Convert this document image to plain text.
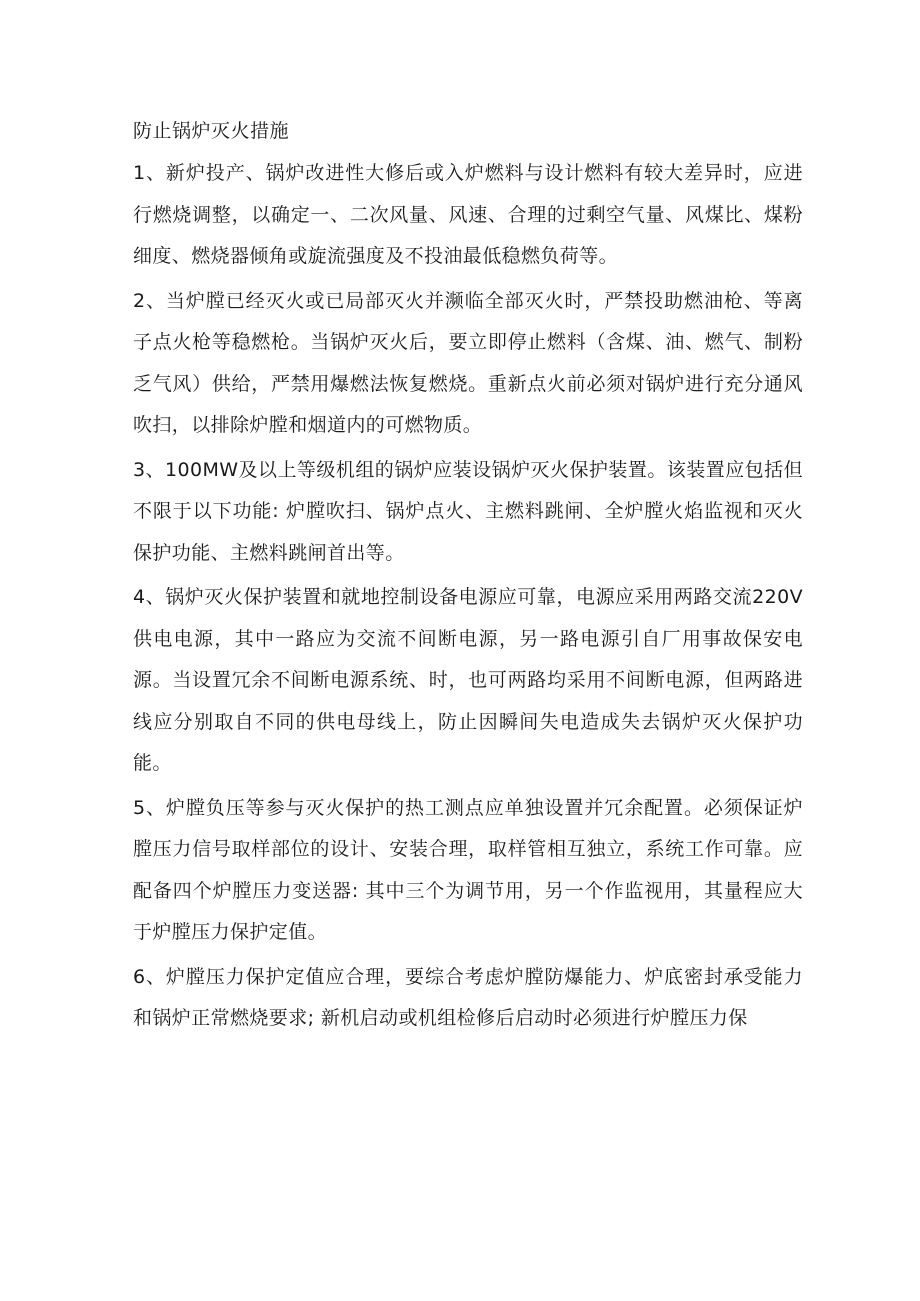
防止锅炉灭火措施

1、新炉投产、锅炉改进性大修后或入炉燃料与设计燃料有较大差异时，应进行燃烧调整，以确定一、二次风量、风速、合理的过剩空气量、风煤比、煤粉细度、燃烧器倾角或旋流强度及不投油最低稳燃负荷等。

2、当炉膛已经灭火或已局部灭火并濒临全部灭火时，严禁投助燃油枪、等离子点火枪等稳燃枪。当锅炉灭火后，要立即停止燃料（含煤、油、燃气、制粉乏气风）供给，严禁用爆燃法恢复燃烧。重新点火前必须对锅炉进行充分通风吹扫，以排除炉膛和烟道内的可燃物质。

3、100MW及以上等级机组的锅炉应装设锅炉灭火保护装置。该装置应包括但不限于以下功能: 炉膛吹扫、锅炉点火、主燃料跳闸、全炉膛火焰监视和灭火保护功能、主燃料跳闸首出等。

4、锅炉灭火保护装置和就地控制设备电源应可靠，电源应采用两路交流220V供电电源，其中一路应为交流不间断电源，另一路电源引自厂用事故保安电源。当设置冗余不间断电源系统、时，也可两路均采用不间断电源，但两路进线应分别取自不同的供电母线上，防止因瞬间失电造成失去锅炉灭火保护功能。

5、炉膛负压等参与灭火保护的热工测点应单独设置并冗余配置。必须保证炉膛压力信号取样部位的设计、安装合理，取样管相互独立，系统工作可靠。应配备四个炉膛压力变送器: 其中三个为调节用，另一个作监视用，其量程应大于炉膛压力保护定值。

6、炉膛压力保护定值应合理，要综合考虑炉膛防爆能力、炉底密封承受能力和锅炉正常燃烧要求; 新机启动或机组检修后启动时必须进行炉膛压力保
